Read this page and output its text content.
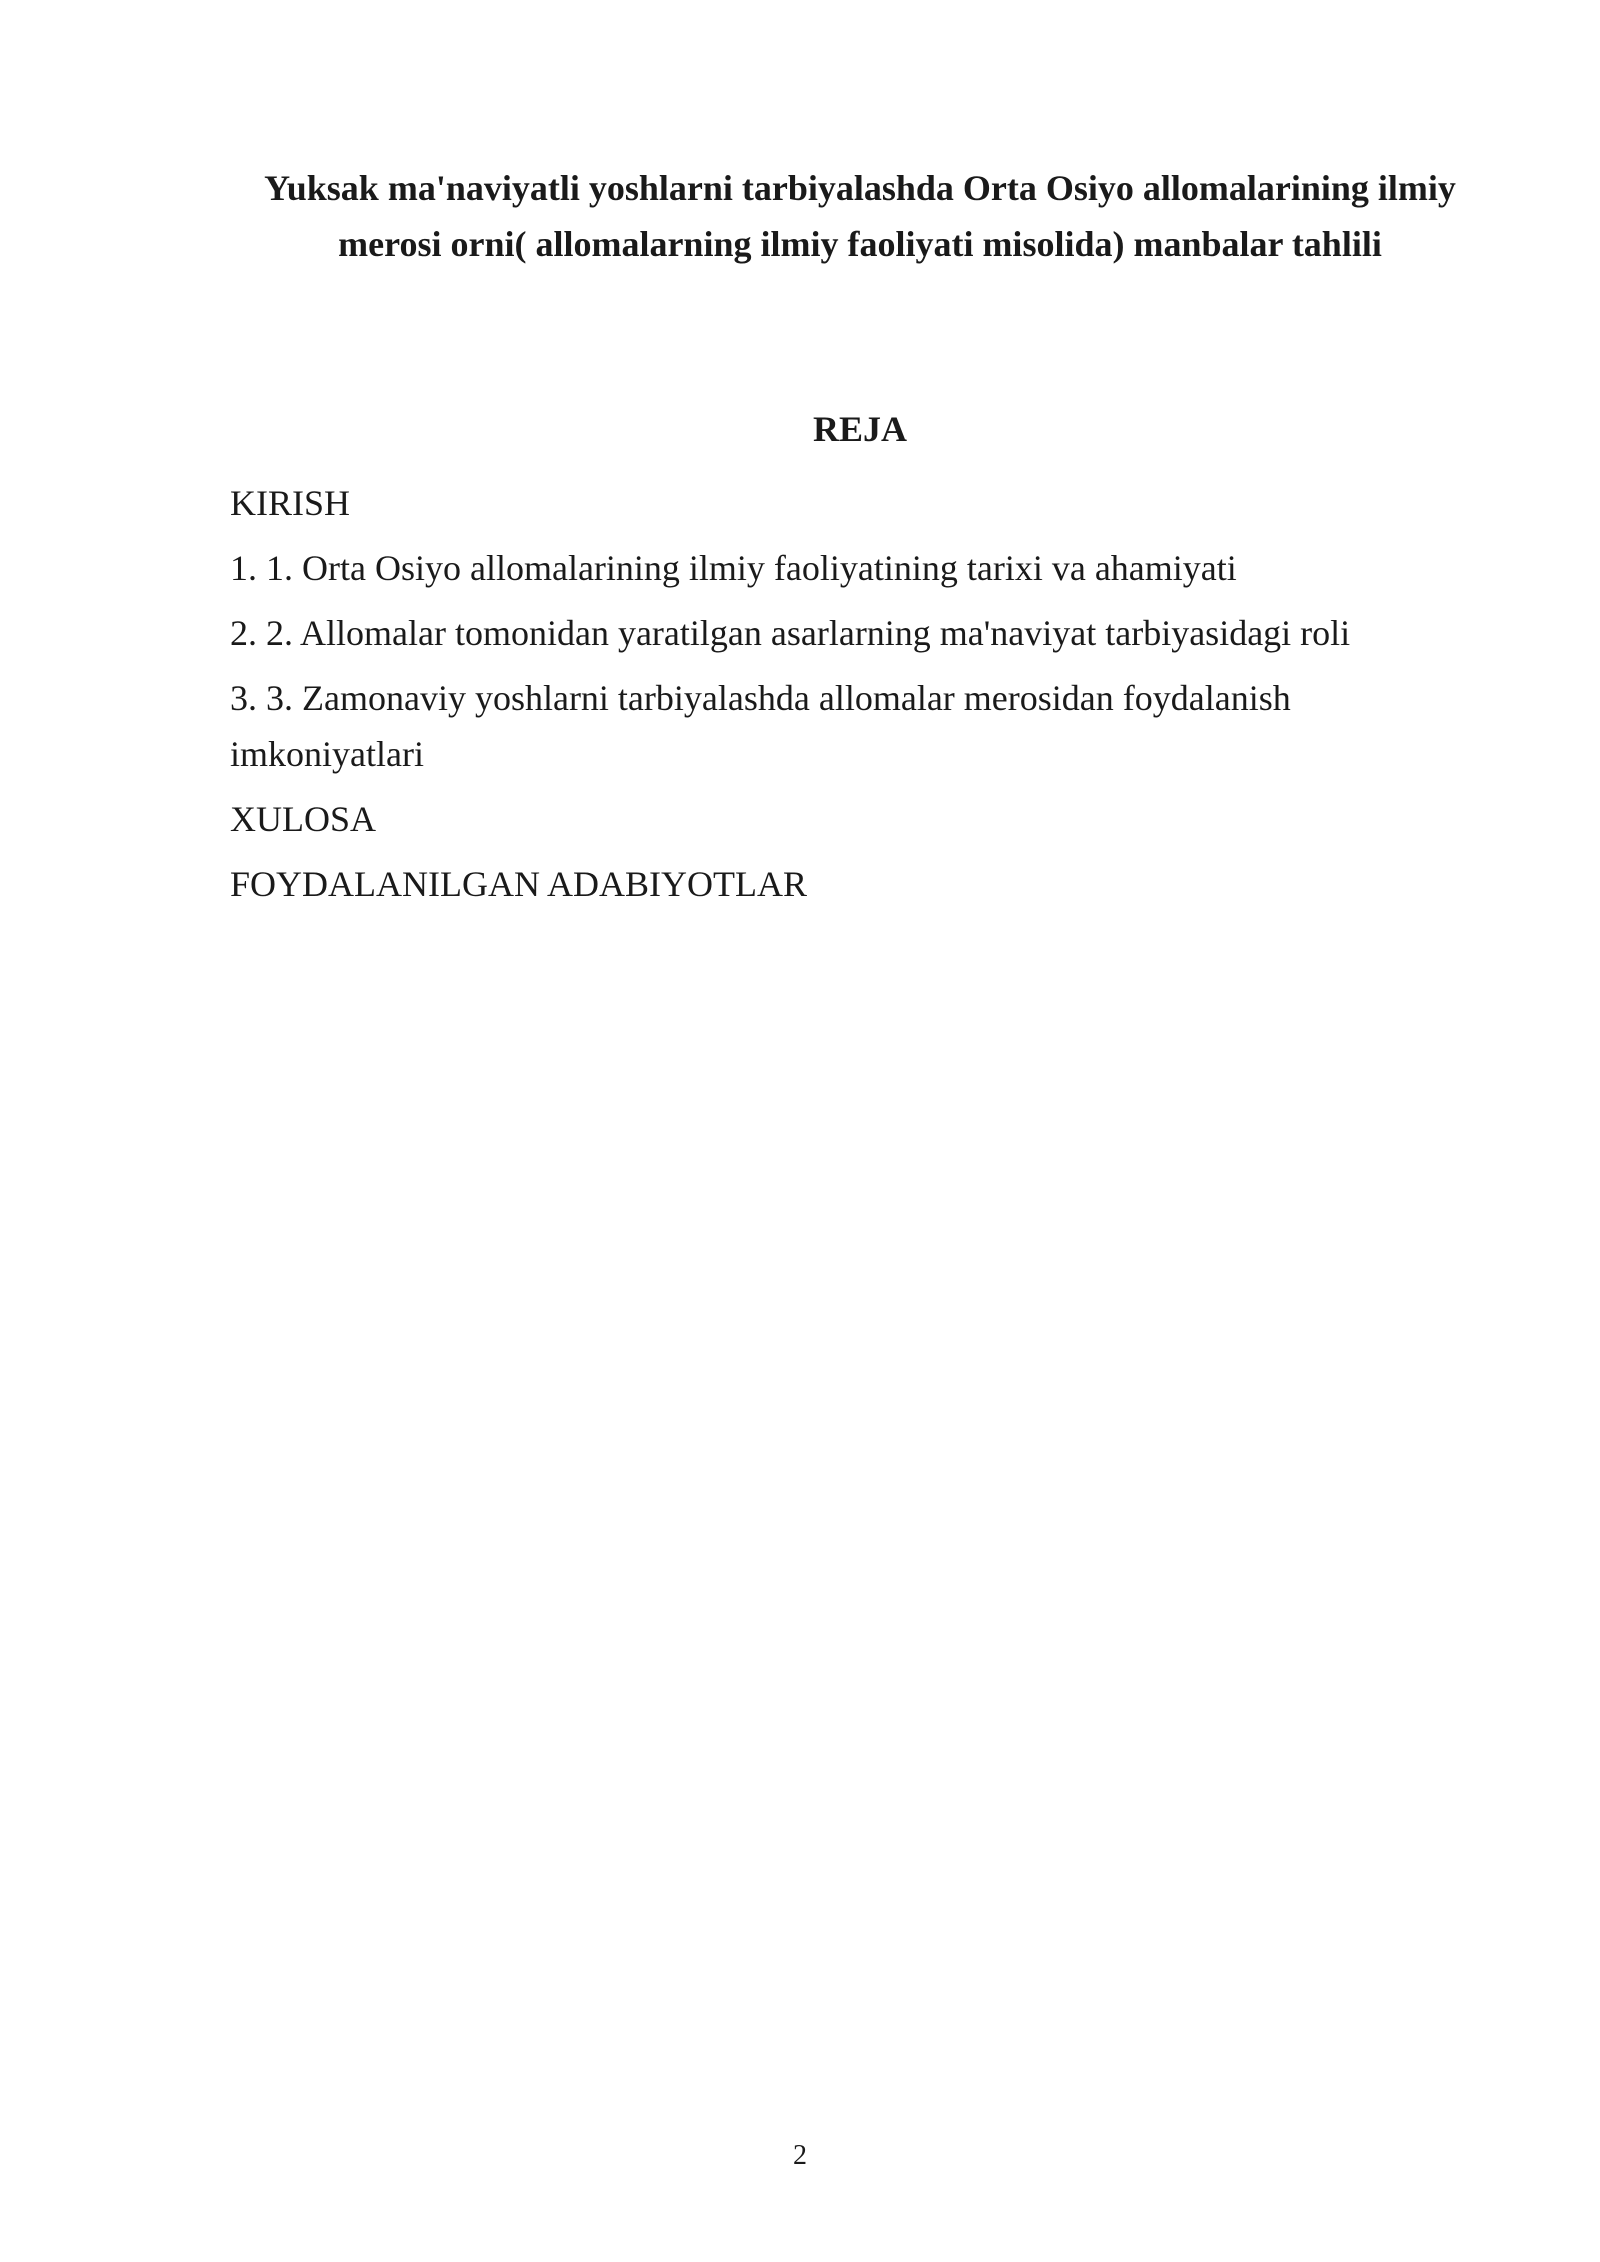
Yuksak ma'naviyatli yoshlarni tarbiyalashda Orta Osiyo allomalarining ilmiy
merosi orni( allomalarning ilmiy faoliyati misolida) manbalar tahlili
REJA

KIRISH

1. 1. Orta Osiyo allomalarining ilmiy faoliyatining tarixi va ahamiyati

2. 2. Allomalar tomonidan yaratilgan asarlarning ma'naviyat tarbiyasidagi roli

3. 3. Zamonaviy yoshlarni tarbiyalashda allomalar merosidan foydalanish
imkoniyatlari

XULOSA

FOYDALANILGAN ADABIYOTLAR

2
